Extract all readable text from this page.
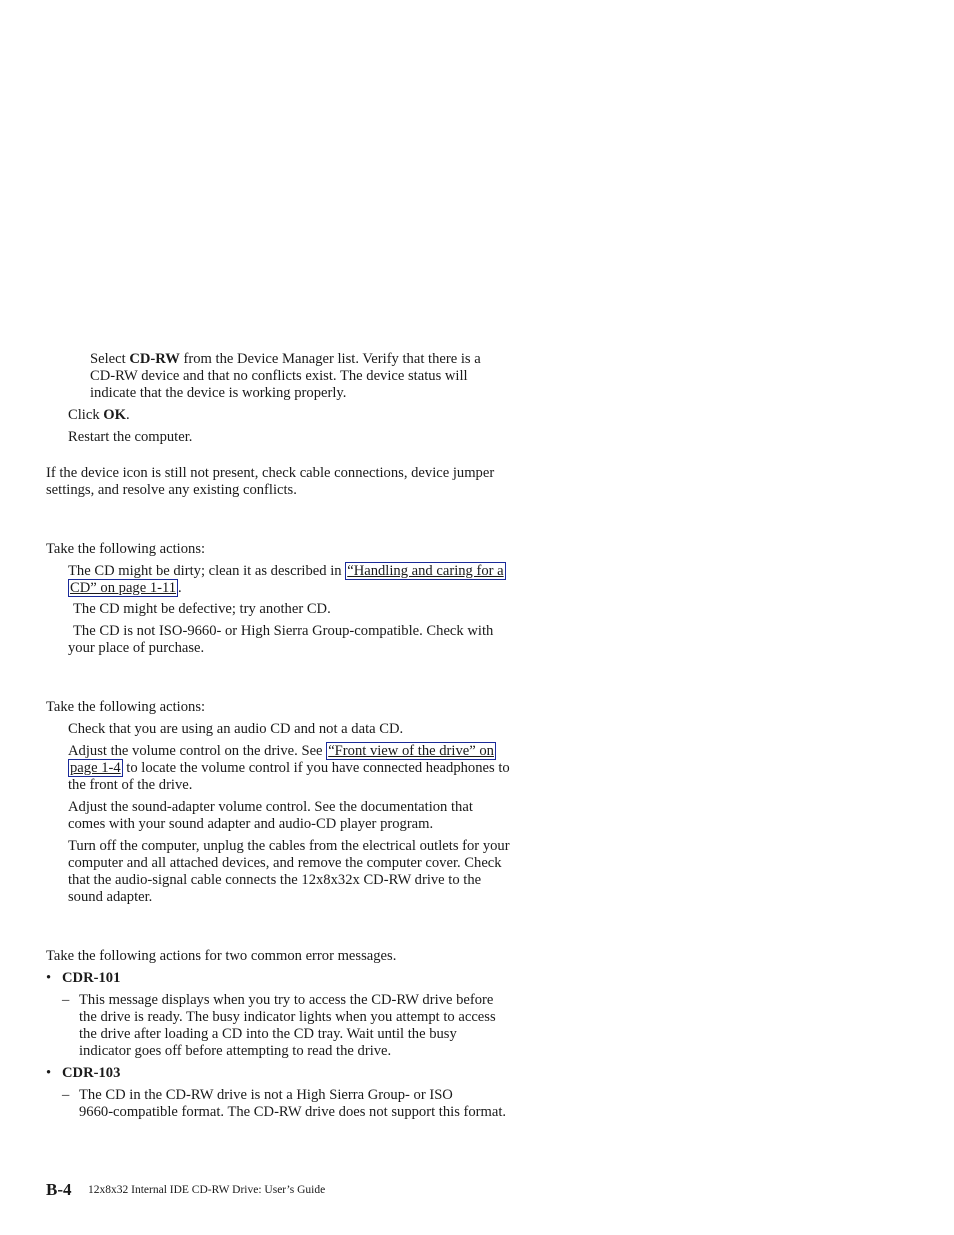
Select CD-RW from the Device Manager list. Verify that there is a
CD-RW device and that no conflicts exist. The device status will
indicate that the device is working properly.
Click OK.
Restart the computer.
If the device icon is still not present, check cable connections, device jumper
settings, and resolve any existing conflicts.
Take the following actions:
The CD might be dirty; clean it as described in “Handling and caring for a
CD” on page 1-11 .
The CD might be defective; try another CD.
The CD is not ISO-9660- or High Sierra Group-compatible. Check with
your place of purchase.
Take the following actions:
Check that you are using an audio CD and not a data CD.
Adjust the volume control on the drive. See “Front view of the drive” on
page 1-4 to locate the volume control if you have connected headphones to
the front of the drive.
Adjust the sound-adapter volume control. See the documentation that
comes with your sound adapter and audio-CD player program.
Turn off the computer, unplug the cables from the electrical outlets for your
computer and all attached devices, and remove the computer cover. Check
that the audio-signal cable connects the 12x8x32x CD-RW drive to the
sound adapter.
Take the following actions for two common error messages.
• CDR-101
– This message displays when you try to access the CD-RW drive before
the drive is ready. The busy indicator lights when you attempt to access
the drive after loading a CD into the CD tray. Wait until the busy
indicator goes off before attempting to read the drive.
• CDR-103
– The CD in the CD-RW drive is not a High Sierra Group- or ISO
9660-compatible format. The CD-RW drive does not support this format.
B-4 12x8x32 Internal IDE CD-RW Drive: User’s Guide
